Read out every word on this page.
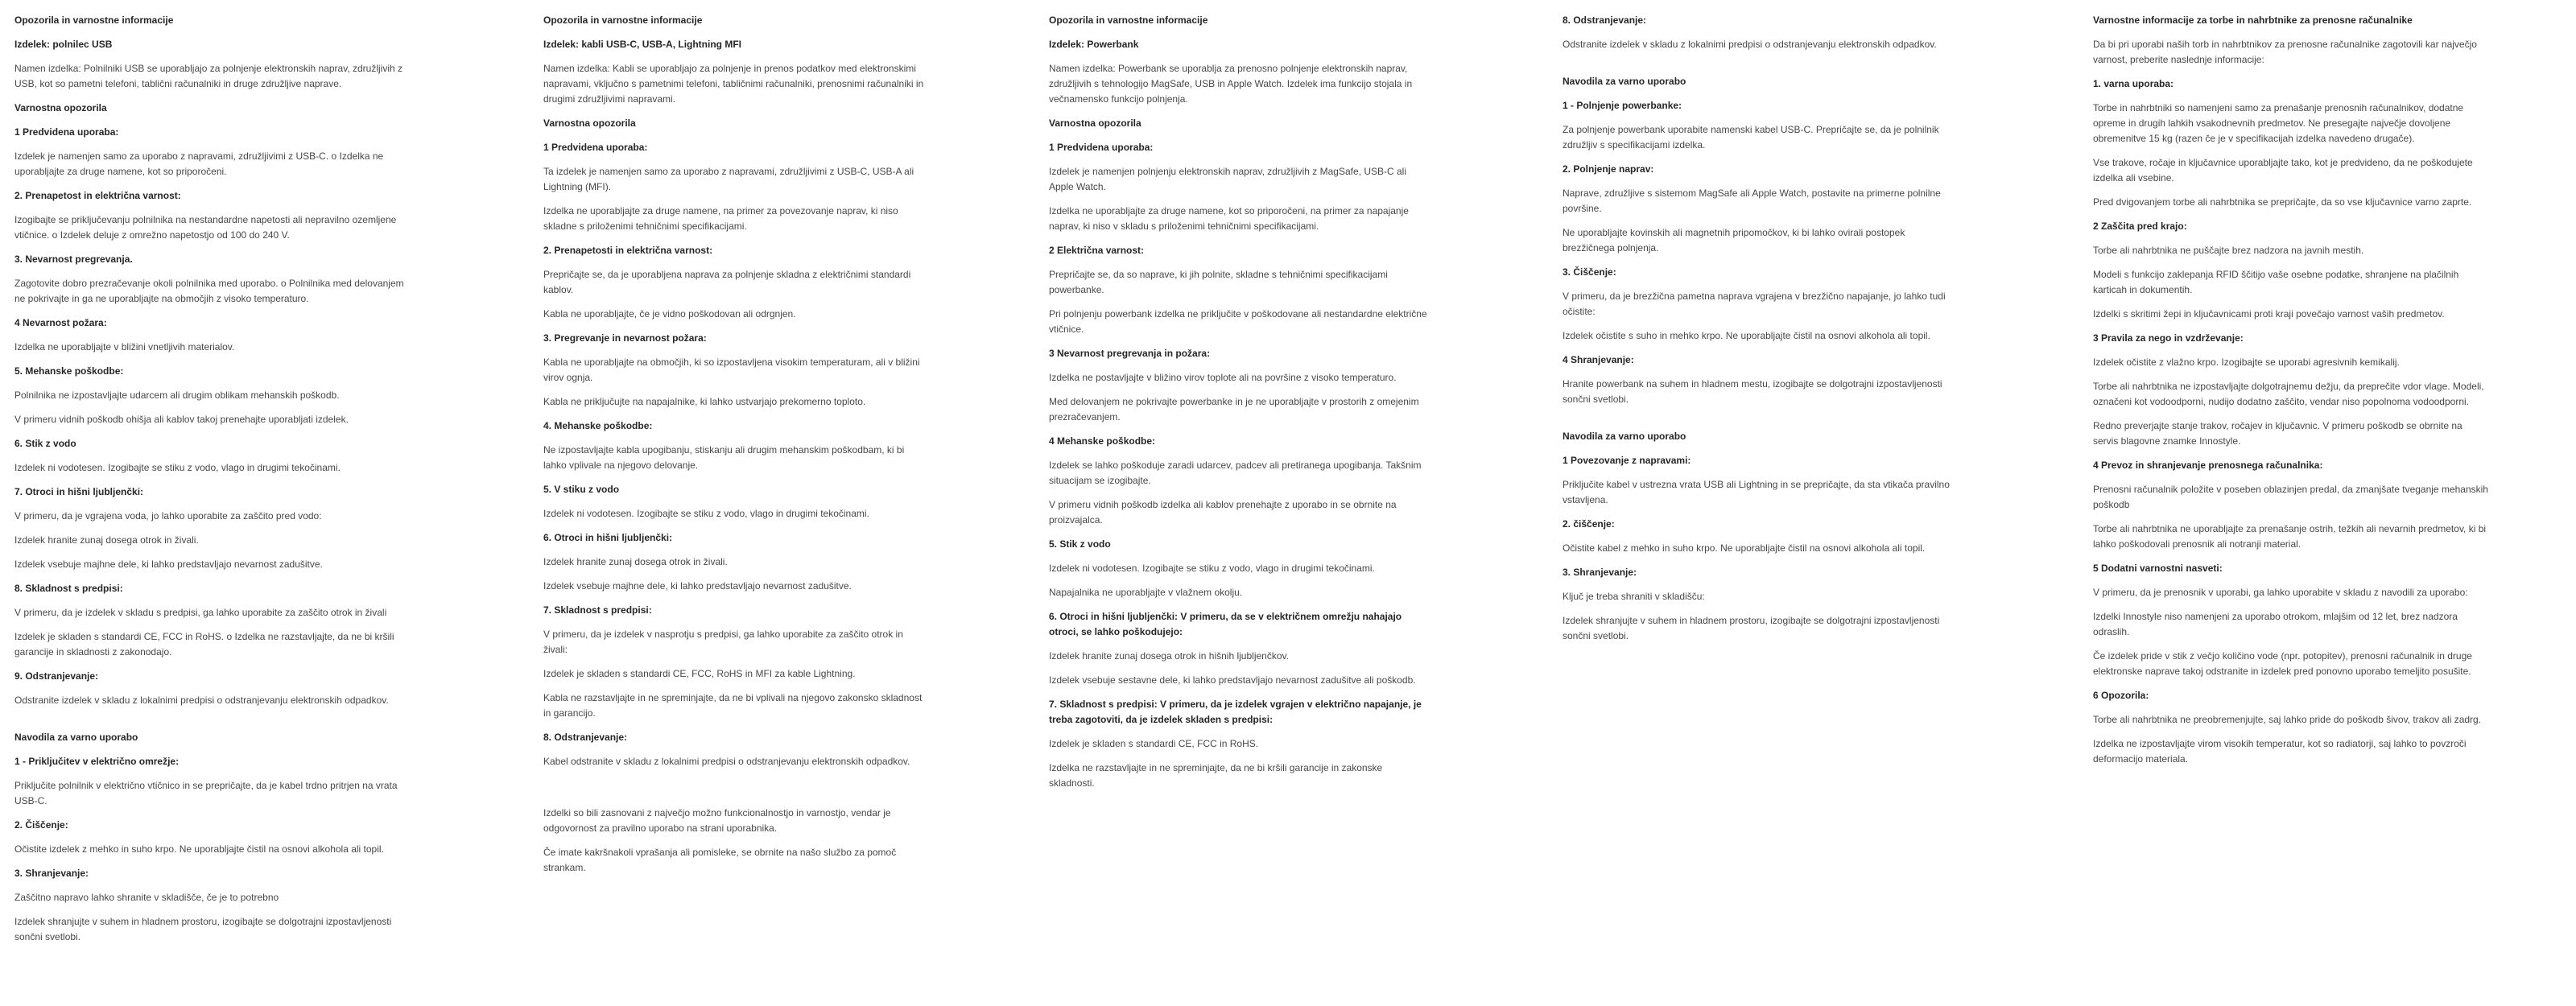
Opozorila in varnostne informacije
Izdelek: polnilec USB

Namen izdelka: Polnilniki USB se uporabljajo za polnjenje elektronskih naprav, združljivih z USB, kot so pametni telefoni, tablični računalniki in druge združljive naprave.

Varnostna opozorila
1 Predvidena uporaba:

Izdelek je namenjen samo za uporabo z napravami, združljivimi z USB-C. o Izdelka ne uporabljajte za druge namene, kot so priporočeni.

2. Prenapetost in električna varnost:

Izogibajte se priključevanju polnilnika na nestandardne napetosti ali nepravilno ozemljene vtičnice. o Izdelek deluje z omrežno napetostjo od 100 do 240 V.

3. Nevarnost pregrevanja.

Zagotovite dobro prezračevanje okoli polnilnika med uporabo. o Polnilnika med delovanjem ne pokrivajte in ga ne uporabljajte na območjih z visoko temperaturo.

4 Nevarnost požara:

Izdelka ne uporabljajte v bližini vnetljivih materialov.

5. Mehanske poškodbe:

Polnilnika ne izpostavljajte udarcem ali drugim oblikam mehanskih poškodb.

V primeru vidnih poškodb ohišja ali kablov takoj prenehajte uporabljati izdelek.

6. Stik z vodo

Izdelek ni vodotesen. Izogibajte se stiku z vodo, vlago in drugimi tekočinami.

7. Otroci in hišni ljubljenčki:

V primeru, da je vgrajena voda, jo lahko uporabite za zaščito pred vodo:

Izdelek hranite zunaj dosega otrok in živali.

Izdelek vsebuje majhne dele, ki lahko predstavljajo nevarnost zadušitve.

8. Skladnost s predpisi:

V primeru, da je izdelek v skladu s predpisi, ga lahko uporabite za zaščito otrok in živali

Izdelek je skladen s standardi CE, FCC in RoHS. o Izdelka ne razstavljajte, da ne bi kršili garancije in skladnosti z zakonodajo.

9. Odstranjevanje:

Odstranite izdelek v skladu z lokalnimi predpisi o odstranjevanju elektronskih odpadkov.

Navodila za varno uporabo
1 - Priključitev v električno omrežje:

Priključite polnilnik v električno vtičnico in se prepričajte, da je kabel trdno pritrjen na vrata USB-C.

2. Čiščenje:

Očistite izdelek z mehko in suho krpo. Ne uporabljajte čistil na osnovi alkohola ali topil.

3. Shranjevanje:

Zaščitno napravo lahko shranite v skladišče, če je to potrebno

Izdelek shranjujte v suhem in hladnem prostoru, izogibajte se dolgotrajni izpostavljenosti sončni svetlobi.

Opozorila in varnostne informacije
Izdelek: kabli USB-C, USB-A, Lightning MFI

Namen izdelka: Kabli se uporabljajo za polnjenje in prenos podatkov med elektronskimi napravami, vključno s pametnimi telefoni, tabličnimi računalniki, prenosnimi računalniki in drugimi združljivimi napravami.

Varnostna opozorila
1 Predvidena uporaba:

Ta izdelek je namenjen samo za uporabo z napravami, združljivimi z USB-C, USB-A ali Lightning (MFI).

Izdelka ne uporabljajte za druge namene, na primer za povezovanje naprav, ki niso skladne s priloženimi tehničnimi specifikacijami.

2. Prenapetosti in električna varnost:

Prepričajte se, da je uporabljena naprava za polnjenje skladna z električnimi standardi kablov.

Kabla ne uporabljajte, če je vidno poškodovan ali odrgnjen.

3. Pregrevanje in nevarnost požara:

Kabla ne uporabljajte na območjih, ki so izpostavljena visokim temperaturam, ali v bližini virov ognja.

Kabla ne priključujte na napajalnike, ki lahko ustvarjajo prekomerno toploto.

4. Mehanske poškodbe:

Ne izpostavljajte kabla upogibanju, stiskanju ali drugim mehanskim poškodbam, ki bi lahko vplivale na njegovo delovanje.

5. V stiku z vodo

Izdelek ni vodotesen. Izogibajte se stiku z vodo, vlago in drugimi tekočinami.

6. Otroci in hišni ljubljenčki:

Izdelek hranite zunaj dosega otrok in živali.

Izdelek vsebuje majhne dele, ki lahko predstavljajo nevarnost zadušitve.

7. Skladnost s predpisi:

V primeru, da je izdelek v nasprotju s predpisi, ga lahko uporabite za zaščito otrok in živali:

Izdelek je skladen s standardi CE, FCC, RoHS in MFI za kable Lightning.

Kabla ne razstavljajte in ne spreminjajte, da ne bi vplivali na njegovo zakonsko skladnost in garancijo.

8. Odstranjevanje:

Kabel odstranite v skladu z lokalnimi predpisi o odstranjevanju elektronskih odpadkov.

Izdelki so bili zasnovani z največjo možno funkcionalnostjo in varnostjo, vendar je odgovornost za pravilno uporabo na strani uporabnika.

Če imate kakršnakoli vprašanja ali pomisleke, se obrnite na našo službo za pomoč strankam.

Opozorila in varnostne informacije
Izdelek: Powerbank

Namen izdelka: Powerbank se uporablja za prenosno polnjenje elektronskih naprav, združljivih s tehnologijo MagSafe, USB in Apple Watch. Izdelek ima funkcijo stojala in večnamensko funkcijo polnjenja.

Varnostna opozorila
1 Predvidena uporaba:

Izdelek je namenjen polnjenju elektronskih naprav, združljivih z MagSafe, USB-C ali Apple Watch.

Izdelka ne uporabljajte za druge namene, kot so priporočeni, na primer za napajanje naprav, ki niso v skladu s priloženimi tehničnimi specifikacijami.

2 Električna varnost:

Prepričajte se, da so naprave, ki jih polnite, skladne s tehničnimi specifikacijami powerbanke.

Pri polnjenju powerbank izdelka ne priključite v poškodovane ali nestandardne električne vtičnice.

3 Nevarnost pregrevanja in požara:

Izdelka ne postavljajte v bližino virov toplote ali na površine z visoko temperaturo.

Med delovanjem ne pokrivajte powerbanke in je ne uporabljajte v prostorih z omejenim prezračevanjem.

4 Mehanske poškodbe:

Izdelek se lahko poškoduje zaradi udarcev, padcev ali pretiranega upogibanja. Takšnim situacijam se izogibajte.

V primeru vidnih poškodb izdelka ali kablov prenehajte z uporabo in se obrnite na proizvajalca.

5. Stik z vodo

Izdelek ni vodotesen. Izogibajte se stiku z vodo, vlago in drugimi tekočinami.

Napajalnika ne uporabljajte v vlažnem okolju.

6. Otroci in hišni ljubljenčki: V primeru, da se v električnem omrežju nahajajo otroci, se lahko poškodujejo:

Izdelek hranite zunaj dosega otrok in hišnih ljubljenčkov.

Izdelek vsebuje sestavne dele, ki lahko predstavljajo nevarnost zadušitve ali poškodb.

7. Skladnost s predpisi: V primeru, da je izdelek vgrajen v električno napajanje, je treba zagotoviti, da je izdelek skladen s predpisi:

Izdelek je skladen s standardi CE, FCC in RoHS.

Izdelka ne razstavljajte in ne spreminjajte, da ne bi kršili garancije in zakonske skladnosti.

8. Odstranjevanje:

Odstranite izdelek v skladu z lokalnimi predpisi o odstranjevanju elektronskih odpadkov.

Navodila za varno uporabo
1 - Polnjenje powerbanke:

Za polnjenje powerbank uporabite namenski kabel USB-C. Prepričajte se, da je polnilnik združljiv s specifikacijami izdelka.

2. Polnjenje naprav:

Naprave, združljive s sistemom MagSafe ali Apple Watch, postavite na primerne polnilne površine.

Ne uporabljajte kovinskih ali magnetnih pripomočkov, ki bi lahko ovirali postopek brezžičnega polnjenja.

3. Čiščenje:

V primeru, da je brezžična pametna naprava vgrajena v brezžično napajanje, jo lahko tudi očistite:

Izdelek očistite s suho in mehko krpo. Ne uporabljajte čistil na osnovi alkohola ali topil.

4 Shranjevanje:

Hranite powerbank na suhem in hladnem mestu, izogibajte se dolgotrajni izpostavljenosti sončni svetlobi.

Navodila za varno uporabo
1 Povezovanje z napravami:

Priključite kabel v ustrezna vrata USB ali Lightning in se prepričajte, da sta vtikača pravilno vstavljena.

2. čiščenje:

Očistite kabel z mehko in suho krpo. Ne uporabljajte čistil na osnovi alkohola ali topil.

3. Shranjevanje:

Ključ je treba shraniti v skladišču:

Izdelek shranjujte v suhem in hladnem prostoru, izogibajte se dolgotrajni izpostavljenosti sončni svetlobi.

Varnostne informacije za torbe in nahrbtnike za prenosne računalnike

Da bi pri uporabi naših torb in nahrbtnikov za prenosne računalnike zagotovili kar največjo varnost, preberite naslednje informacije:

1. varna uporaba:

Torbe in nahrbtniki so namenjeni samo za prenašanje prenosnih računalnikov, dodatne opreme in drugih lahkih vsakodnevnih predmetov. Ne presegajte največje dovoljene obremenitve 15 kg (razen če je v specifikacijah izdelka navedeno drugače).

Vse trakove, ročaje in ključavnice uporabljajte tako, kot je predvideno, da ne poškodujete izdelka ali vsebine.

Pred dvigovanjem torbe ali nahrbtnika se prepričajte, da so vse ključavnice varno zaprte.

2 Zaščita pred krajo:

Torbe ali nahrbtnika ne puščajte brez nadzora na javnih mestih.

Modeli s funkcijo zaklepanja RFID ščitijo vaše osebne podatke, shranjene na plačilnih karticah in dokumentih.

Izdelki s skritimi žepi in ključavnicami proti kraji povečajo varnost vaših predmetov.

3 Pravila za nego in vzdrževanje:

Izdelek očistite z vlažno krpo. Izogibajte se uporabi agresivnih kemikalij.

Torbe ali nahrbtnika ne izpostavljajte dolgotrajnemu dežju, da preprečite vdor vlage. Modeli, označeni kot vodoodporni, nudijo dodatno zaščito, vendar niso popolnoma vodoodporni.

Redno preverjajte stanje trakov, ročajev in ključavnic. V primeru poškodb se obrnite na servis blagovne znamke Innostyle.

4 Prevoz in shranjevanje prenosnega računalnika:

Prenosni računalnik položite v poseben oblazinjen predal, da zmanjšate tveganje mehanskih poškodb

Torbe ali nahrbtnika ne uporabljajte za prenašanje ostrih, težkih ali nevarnih predmetov, ki bi lahko poškodovali prenosnik ali notranji material.

5 Dodatni varnostni nasveti:

V primeru, da je prenosnik v uporabi, ga lahko uporabite v skladu z navodili za uporabo:

Izdelki Innostyle niso namenjeni za uporabo otrokom, mlajšim od 12 let, brez nadzora odraslih.

Če izdelek pride v stik z večjo količino vode (npr. potopitev), prenosni računalnik in druge elektronske naprave takoj odstranite in izdelek pred ponovno uporabo temeljito posušite.

6 Opozorila:

Torbe ali nahrbtnika ne preobremenjujte, saj lahko pride do poškodb šivov, trakov ali zadrg.

Izdelka ne izpostavljajte virom visokih temperatur, kot so radiatorji, saj lahko to povzroči deformacijo materiala.
